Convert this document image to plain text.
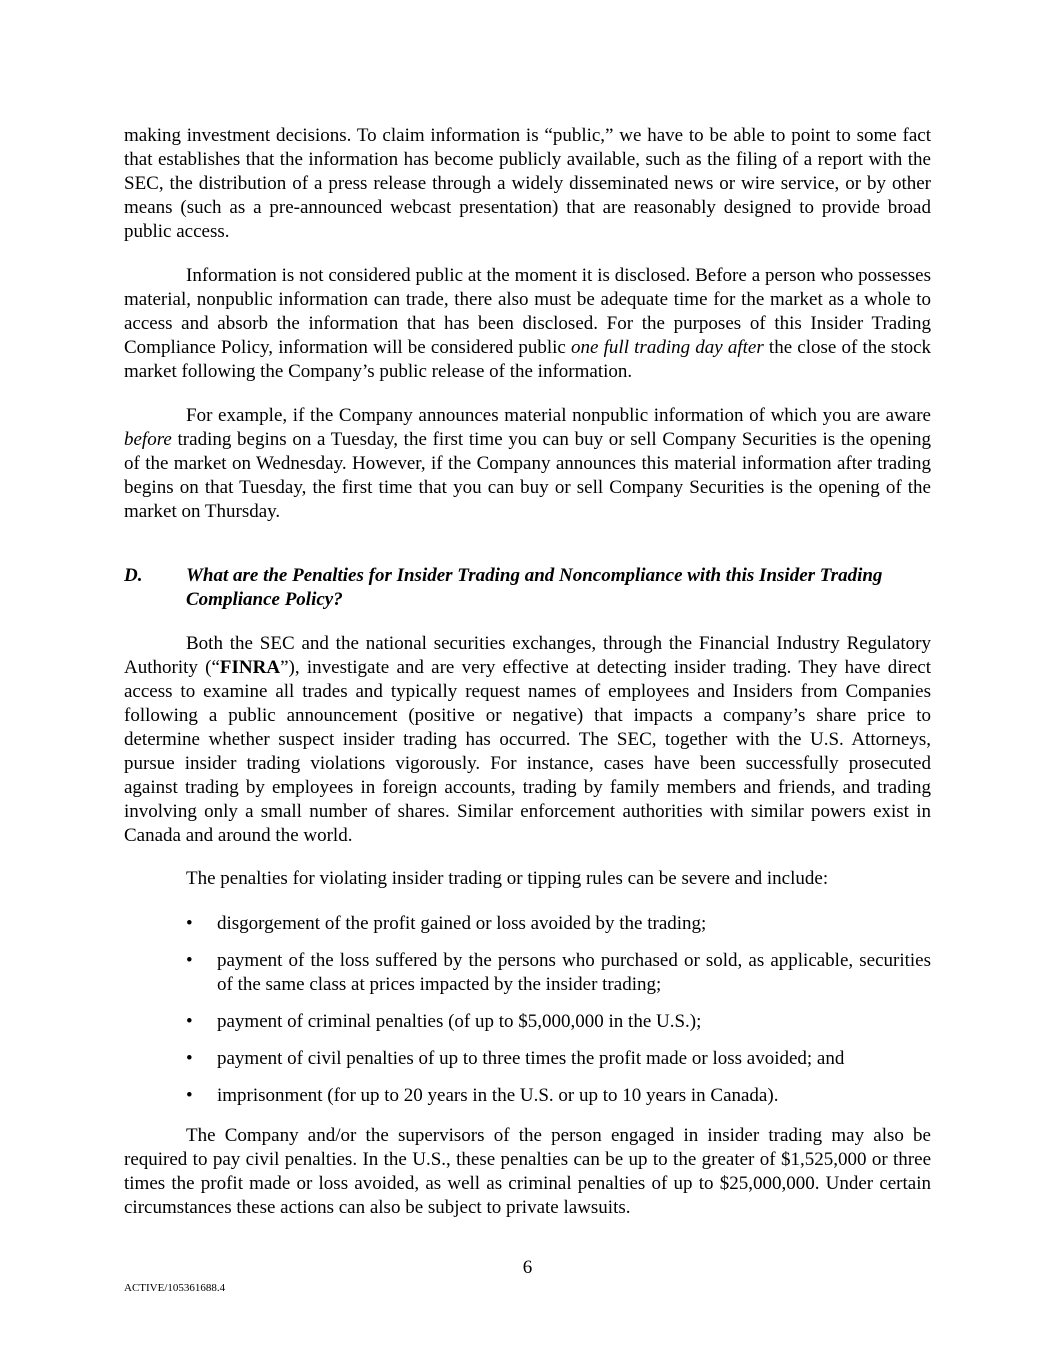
making investment decisions. To claim information is “public,” we have to be able to point to some fact that establishes that the information has become publicly available, such as the filing of a report with the SEC, the distribution of a press release through a widely disseminated news or wire service, or by other means (such as a pre-announced webcast presentation) that are reasonably designed to provide broad public access.

Information is not considered public at the moment it is disclosed. Before a person who possesses material, nonpublic information can trade, there also must be adequate time for the market as a whole to access and absorb the information that has been disclosed. For the purposes of this Insider Trading Compliance Policy, information will be considered public one full trading day after the close of the stock market following the Company’s public release of the information.

For example, if the Company announces material nonpublic information of which you are aware before trading begins on a Tuesday, the first time you can buy or sell Company Securities is the opening of the market on Wednesday. However, if the Company announces this material information after trading begins on that Tuesday, the first time that you can buy or sell Company Securities is the opening of the market on Thursday.

D. What are the Penalties for Insider Trading and Noncompliance with this Insider Trading Compliance Policy?

Both the SEC and the national securities exchanges, through the Financial Industry Regulatory Authority (“FINRA”), investigate and are very effective at detecting insider trading. They have direct access to examine all trades and typically request names of employees and Insiders from Companies following a public announcement (positive or negative) that impacts a company’s share price to determine whether suspect insider trading has occurred. The SEC, together with the U.S. Attorneys, pursue insider trading violations vigorously. For instance, cases have been successfully prosecuted against trading by employees in foreign accounts, trading by family members and friends, and trading involving only a small number of shares. Similar enforcement authorities with similar powers exist in Canada and around the world.

The penalties for violating insider trading or tipping rules can be severe and include:

• disgorgement of the profit gained or loss avoided by the trading;
• payment of the loss suffered by the persons who purchased or sold, as applicable, securities of the same class at prices impacted by the insider trading;
• payment of criminal penalties (of up to $5,000,000 in the U.S.);
• payment of civil penalties of up to three times the profit made or loss avoided; and
• imprisonment (for up to 20 years in the U.S. or up to 10 years in Canada).

The Company and/or the supervisors of the person engaged in insider trading may also be required to pay civil penalties. In the U.S., these penalties can be up to the greater of $1,525,000 or three times the profit made or loss avoided, as well as criminal penalties of up to $25,000,000. Under certain circumstances these actions can also be subject to private lawsuits.

6
ACTIVE/105361688.4
